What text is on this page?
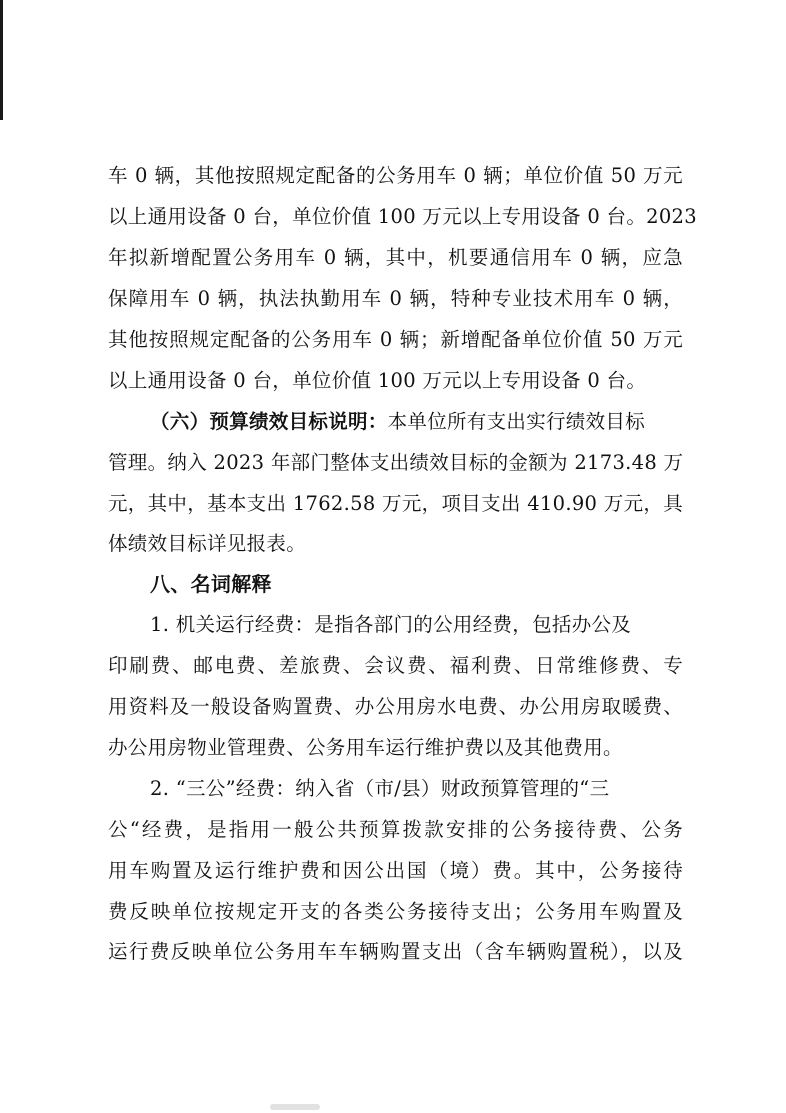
车 0 辆，其他按照规定配备的公务用车 0 辆；单位价值 50 万元
以上通用设备 0 台，单位价值 100 万元以上专用设备 0 台。2023
年拟新增配置公务用车 0 辆，其中，机要通信用车 0 辆，应急
保障用车 0 辆，执法执勤用车 0 辆，特种专业技术用车 0 辆，
其他按照规定配备的公务用车 0 辆；新增配备单位价值 50 万元
以上通用设备 0 台，单位价值 100 万元以上专用设备 0 台。
（六）预算绩效目标说明：本单位所有支出实行绩效目标
管理。纳入 2023 年部门整体支出绩效目标的金额为 2173.48 万
元，其中，基本支出 1762.58 万元，项目支出 410.90 万元，具
体绩效目标详见报表。
八、名词解释
1. 机关运行经费：是指各部门的公用经费，包括办公及
印刷费、邮电费、差旅费、会议费、福利费、日常维修费、专
用资料及一般设备购置费、办公用房水电费、办公用房取暖费、
办公用房物业管理费、公务用车运行维护费以及其他费用。
2. “三公”经费：纳入省（市/县）财政预算管理的“三
公“经费，是指用一般公共预算拨款安排的公务接待费、公务
用车购置及运行维护费和因公出国（境）费。其中，公务接待
费反映单位按规定开支的各类公务接待支出；公务用车购置及
运行费反映单位公务用车车辆购置支出（含车辆购置税），以及
